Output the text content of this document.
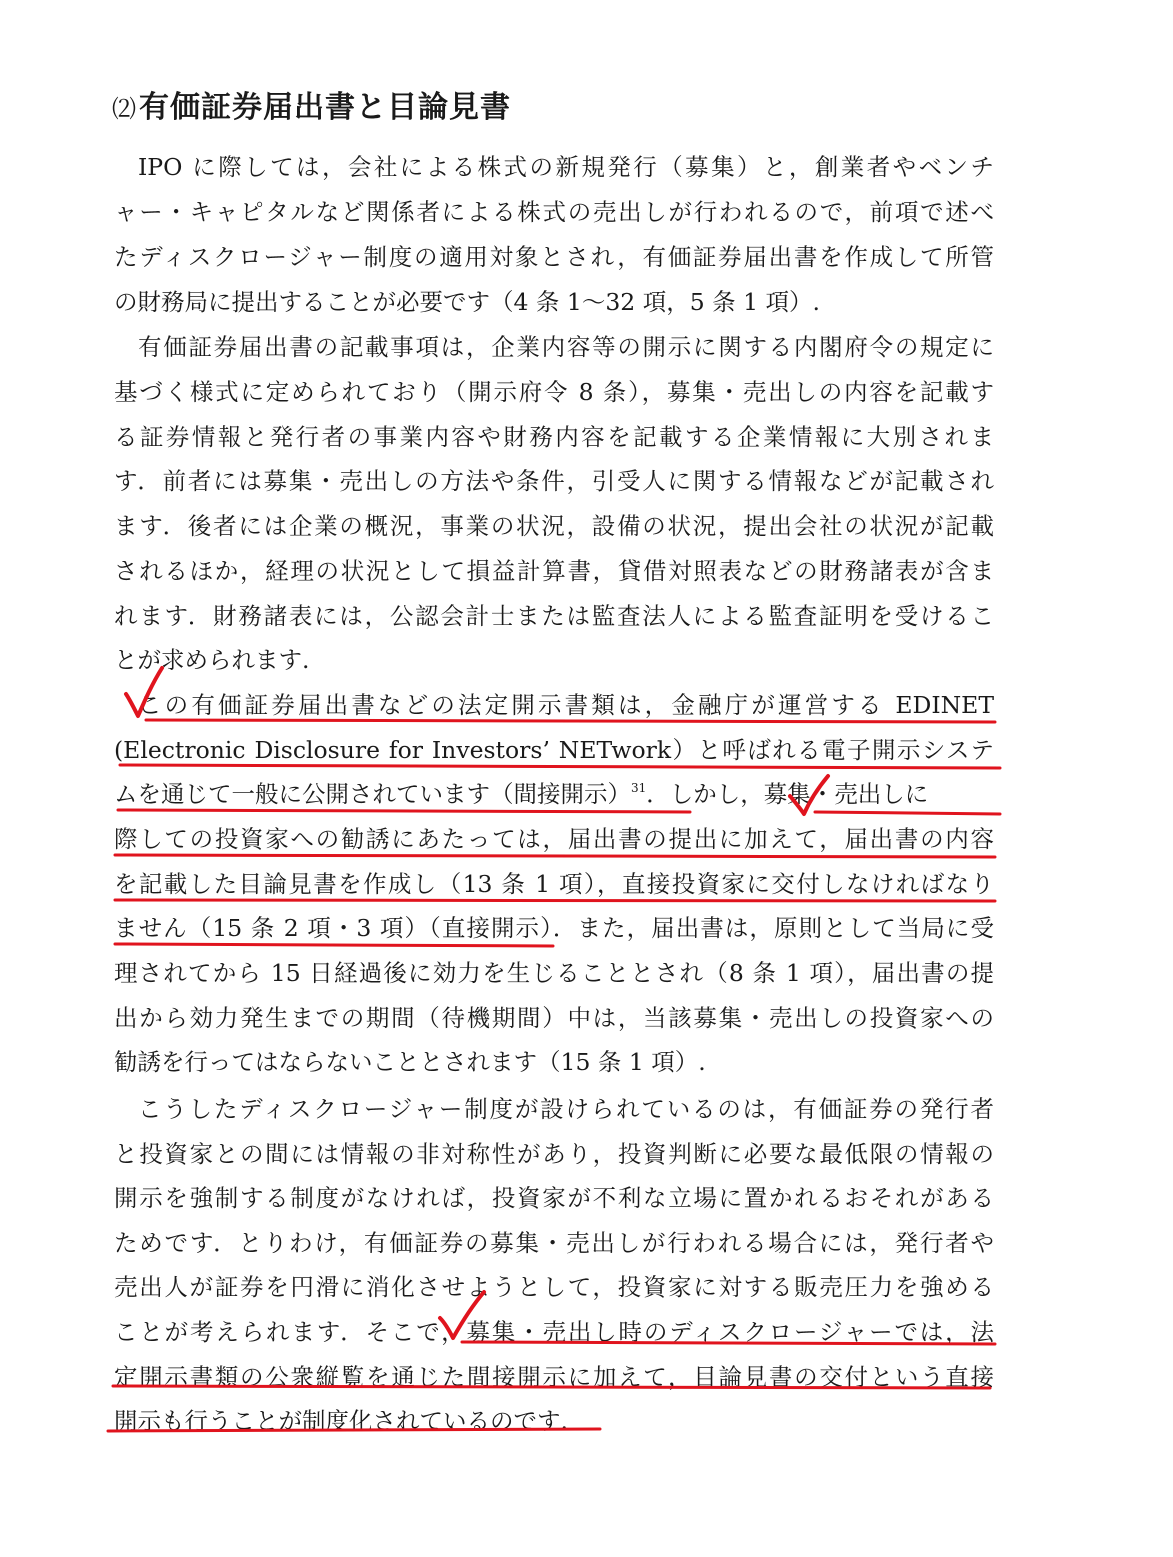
⑵有価証券届出書と目論見書
IPO に際しては，会社による株式の新規発行（募集）と，創業者やベンチ
ャー・キャピタルなど関係者による株式の売出しが行われるので，前項で述べ
たディスクロージャー制度の適用対象とされ，有価証券届出書を作成して所管
の財務局に提出することが必要です（4 条 1〜32 項，5 条 1 項）.
有価証券届出書の記載事項は，企業内容等の開示に関する内閣府令の規定に
基づく様式に定められており（開示府令 8 条），募集・売出しの内容を記載す
る証券情報と発行者の事業内容や財務内容を記載する企業情報に大別されま
す．前者には募集・売出しの方法や条件，引受人に関する情報などが記載され
ます．後者には企業の概況，事業の状況，設備の状況，提出会社の状況が記載
されるほか，経理の状況として損益計算書，貸借対照表などの財務諸表が含ま
れます．財務諸表には，公認会計士または監査法人による監査証明を受けるこ
とが求められます.
この有価証券届出書などの法定開示書類は，金融庁が運営する EDINET
(Electronic Disclosure for Investors’ NETwork）と呼ばれる電子開示システ
ムを通じて一般に公開されています（間接開示）$^{31}$．しかし，募集・売出しに
際しての投資家への勧誘にあたっては，届出書の提出に加えて，届出書の内容
を記載した目論見書を作成し（13 条 1 項），直接投資家に交付しなければなり
ません（15 条 2 項・3 項）（直接開示）．また，届出書は，原則として当局に受
理されてから 15 日経過後に効力を生じることとされ（8 条 1 項），届出書の提
出から効力発生までの期間（待機期間）中は，当該募集・売出しの投資家への
勧誘を行ってはならないこととされます（15 条 1 項）.
こうしたディスクロージャー制度が設けられているのは，有価証券の発行者
と投資家との間には情報の非対称性があり，投資判断に必要な最低限の情報の
開示を強制する制度がなければ，投資家が不利な立場に置かれるおそれがある
ためです．とりわけ，有価証券の募集・売出しが行われる場合には，発行者や
売出人が証券を円滑に消化させようとして，投資家に対する販売圧力を強める
ことが考えられます．そこで，募集・売出し時のディスクロージャーでは，法
定開示書類の公衆縦覧を通じた間接開示に加えて，目論見書の交付という直接
開示も行うことが制度化されているのです.
